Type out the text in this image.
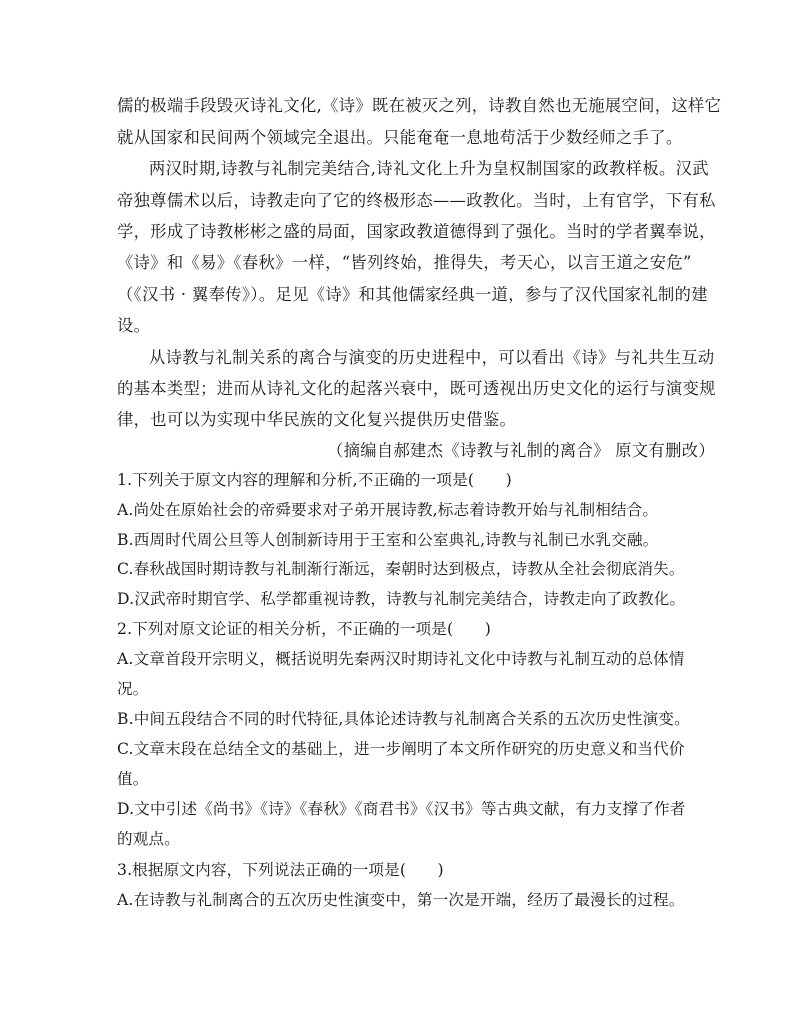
儒的极端手段毁灭诗礼文化,《诗》既在被灭之列，诗教自然也无施展空间，这样它
就从国家和民间两个领域完全退出。只能奄奄一息地苟活于少数经师之手了。
两汉时期,诗教与礼制完美结合,诗礼文化上升为皇权制国家的政教样板。汉武
帝独尊儒术以后，诗教走向了它的终极形态——政教化。当时，上有官学，下有私
学，形成了诗教彬彬之盛的局面，国家政教道德得到了强化。当时的学者翼奉说，
《诗》和《易》《春秋》一样，“皆列终始，推得失，考天心，以言王道之安危”
（《汉书 · 翼奉传》）。足见《诗》和其他儒家经典一道，参与了汉代国家礼制的建
设。
从诗教与礼制关系的离合与演变的历史进程中，可以看出《诗》与礼共生互动
的基本类型；进而从诗礼文化的起落兴衰中，既可透视出历史文化的运行与演变规
律，也可以为实现中华民族的文化复兴提供历史借鉴。
（摘编自郝建杰《诗教与礼制的离合》 原文有删改）
1.下列关于原文内容的理解和分析,不正确的一项是(　　)
A.尚处在原始社会的帝舜要求对子弟开展诗教,标志着诗教开始与礼制相结合。
B.西周时代周公旦等人创制新诗用于王室和公室典礼,诗教与礼制已水乳交融。
C.春秋战国时期诗教与礼制渐行渐远，秦朝时达到极点，诗教从全社会彻底消失。
D.汉武帝时期官学、私学都重视诗教，诗教与礼制完美结合，诗教走向了政教化。
2.下列对原文论证的相关分析，不正确的一项是(　　)
A.文章首段开宗明义，概括说明先秦两汉时期诗礼文化中诗教与礼制互动的总体情
况。
B.中间五段结合不同的时代特征,具体论述诗教与礼制离合关系的五次历史性演变。
C.文章末段在总结全文的基础上，进一步阐明了本文所作研究的历史意义和当代价
值。
D.文中引述《尚书》《诗》《春秋》《商君书》《汉书》等古典文献，有力支撑了作者
的观点。
3.根据原文内容，下列说法正确的一项是(　　)
A.在诗教与礼制离合的五次历史性演变中，第一次是开端，经历了最漫长的过程。
